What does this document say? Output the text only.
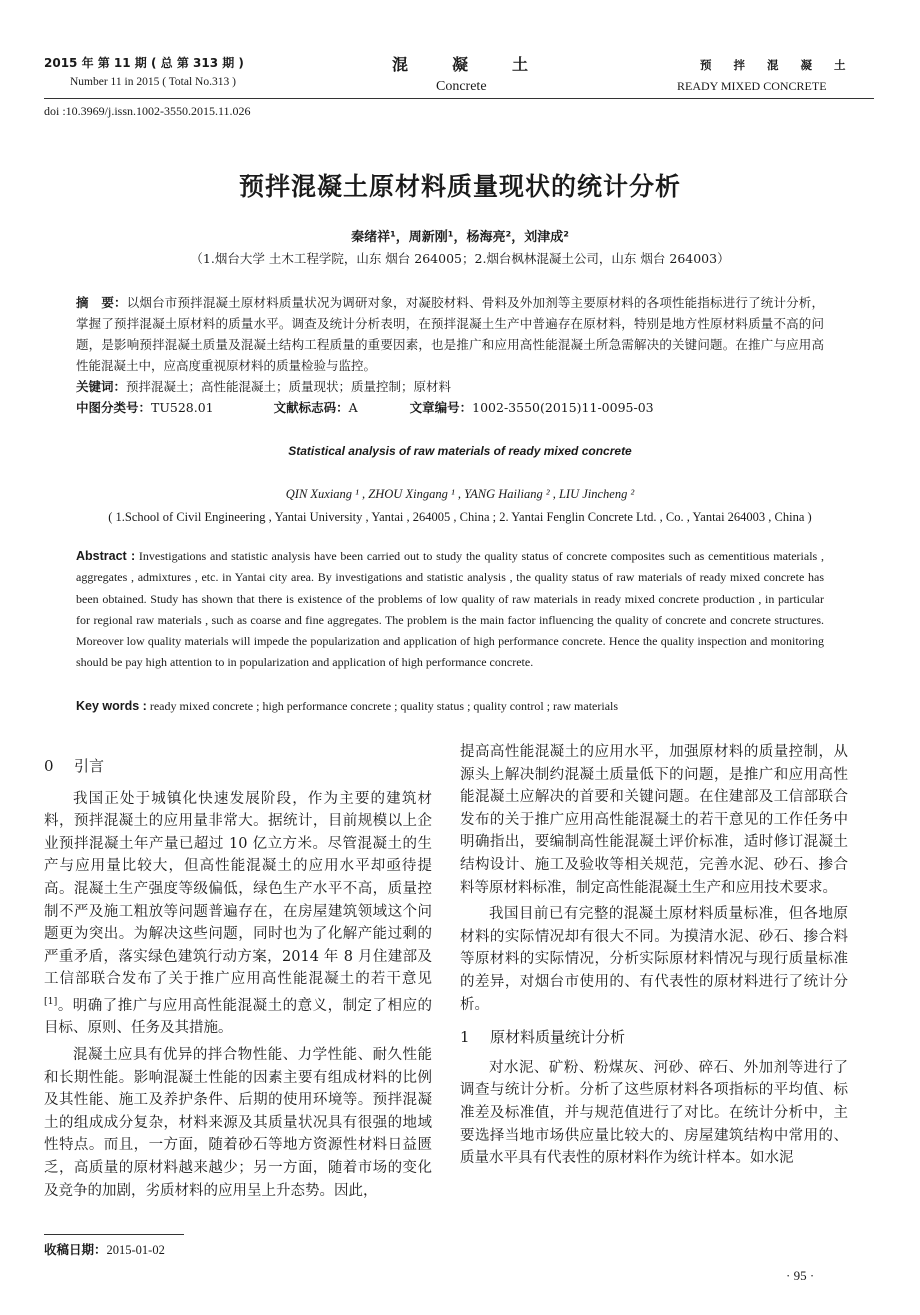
2015 年 第 11 期 ( 总 第 313 期 )
Number 11 in 2015 ( Total No.313 )
混凝土
Concrete
预 拌 混 凝 土
READY MIXED CONCRETE
doi :10.3969/j.issn.1002-3550.2015.11.026
预拌混凝土原材料质量现状的统计分析
秦绪祥¹，周新刚¹，杨海亮²，刘津成²
（1.烟台大学 土木工程学院，山东 烟台 264005；2.烟台枫林混凝土公司，山东 烟台 264003）
摘　要：以烟台市预拌混凝土原材料质量状况为调研对象，对凝胶材料、骨料及外加剂等主要原材料的各项性能指标进行了统计分析，掌握了预拌混凝土原材料的质量水平。调查及统计分析表明，在预拌混凝土生产中普遍存在原材料，特别是地方性原材料质量不高的问题，是影响预拌混凝土质量及混凝土结构工程质量的重要因素，也是推广和应用高性能混凝土所急需解决的关键问题。在推广与应用高性能混凝土中，应高度重视原材料的质量检验与监控。
关键词：预拌混凝土；高性能混凝土；质量现状；质量控制；原材料
中图分类号：TU528.01	文献标志码：A	文章编号：1002-3550(2015)11-0095-03
Statistical analysis of raw materials of ready mixed concrete
QIN Xuxiang ¹ , ZHOU Xingang ¹ , YANG Hailiang ² , LIU Jincheng ²
( 1.School of Civil Engineering , Yantai University , Yantai , 264005 , China ; 2. Yantai Fenglin Concrete Ltd. , Co. , Yantai 264003 , China )
Abstract : Investigations and statistic analysis have been carried out to study the quality status of concrete composites such as cementitious materials , aggregates , admixtures , etc. in Yantai city area. By investigations and statistic analysis , the quality status of raw materials of ready mixed concrete has been obtained. Study has shown that there is existence of the problems of low quality of raw materials in ready mixed concrete production , in particular for regional raw materials , such as coarse and fine aggregates. The problem is the main factor influencing the quality of concrete and concrete structures. Moreover low quality materials will impede the popularization and application of high performance concrete. Hence the quality inspection and monitoring should be pay high attention to in popularization and application of high performance concrete.
Key words : ready mixed concrete ; high performance concrete ; quality status ; quality control ; raw materials
0 引言

我国正处于城镇化快速发展阶段，作为主要的建筑材料，预拌混凝土的应用量非常大。据统计，目前规模以上企业预拌混凝土年产量已超过 10 亿立方米。尽管混凝土的生产与应用量比较大，但高性能混凝土的应用水平却亟待提高。混凝土生产强度等级偏低，绿色生产水平不高，质量控制不严及施工粗放等问题普遍存在，在房屋建筑领域这个问题更为突出。为解决这些问题，同时也为了化解产能过剩的严重矛盾，落实绿色建筑行动方案，2014 年 8 月住建部及工信部联合发布了关于推广应用高性能混凝土的若干意见[1]。明确了推广与应用高性能混凝土的意义，制定了相应的目标、原则、任务及其措施。

混凝土应具有优异的拌合物性能、力学性能、耐久性能和长期性能。影响混凝土性能的因素主要有组成材料的比例及其性能、施工及养护条件、后期的使用环境等。预拌混凝土的组成成分复杂，材料来源及其质量状况具有很强的地域性特点。而且，一方面，随着砂石等地方资源性材料日益匮乏，高质量的原材料越来越少；另一方面，随着市场的变化及竞争的加剧，劣质材料的应用呈上升态势。因此，

提高高性能混凝土的应用水平，加强原材料的质量控制，从源头上解决制约混凝土质量低下的问题，是推广和应用高性能混凝土应解决的首要和关键问题。在住建部及工信部联合发布的关于推广应用高性能混凝土的若干意见的工作任务中明确指出，要编制高性能混凝土评价标准，适时修订混凝土结构设计、施工及验收等相关规范，完善水泥、砂石、掺合料等原材料标准，制定高性能混凝土生产和应用技术要求。

我国目前已有完整的混凝土原材料质量标准，但各地原材料的实际情况却有很大不同。为摸清水泥、砂石、掺合料等原材料的实际情况，分析实际原材料情况与现行质量标准的差异，对烟台市使用的、有代表性的原材料进行了统计分析。

1 原材料质量统计分析

对水泥、矿粉、粉煤灰、河砂、碎石、外加剂等进行了调查与统计分析。分析了这些原材料各项指标的平均值、标准差及标准值，并与规范值进行了对比。在统计分析中，主要选择当地市场供应量比较大的、房屋建筑结构中常用的、质量水平具有代表性的原材料作为统计样本。如水泥

收稿日期：2015-01-02
· 95 ·
